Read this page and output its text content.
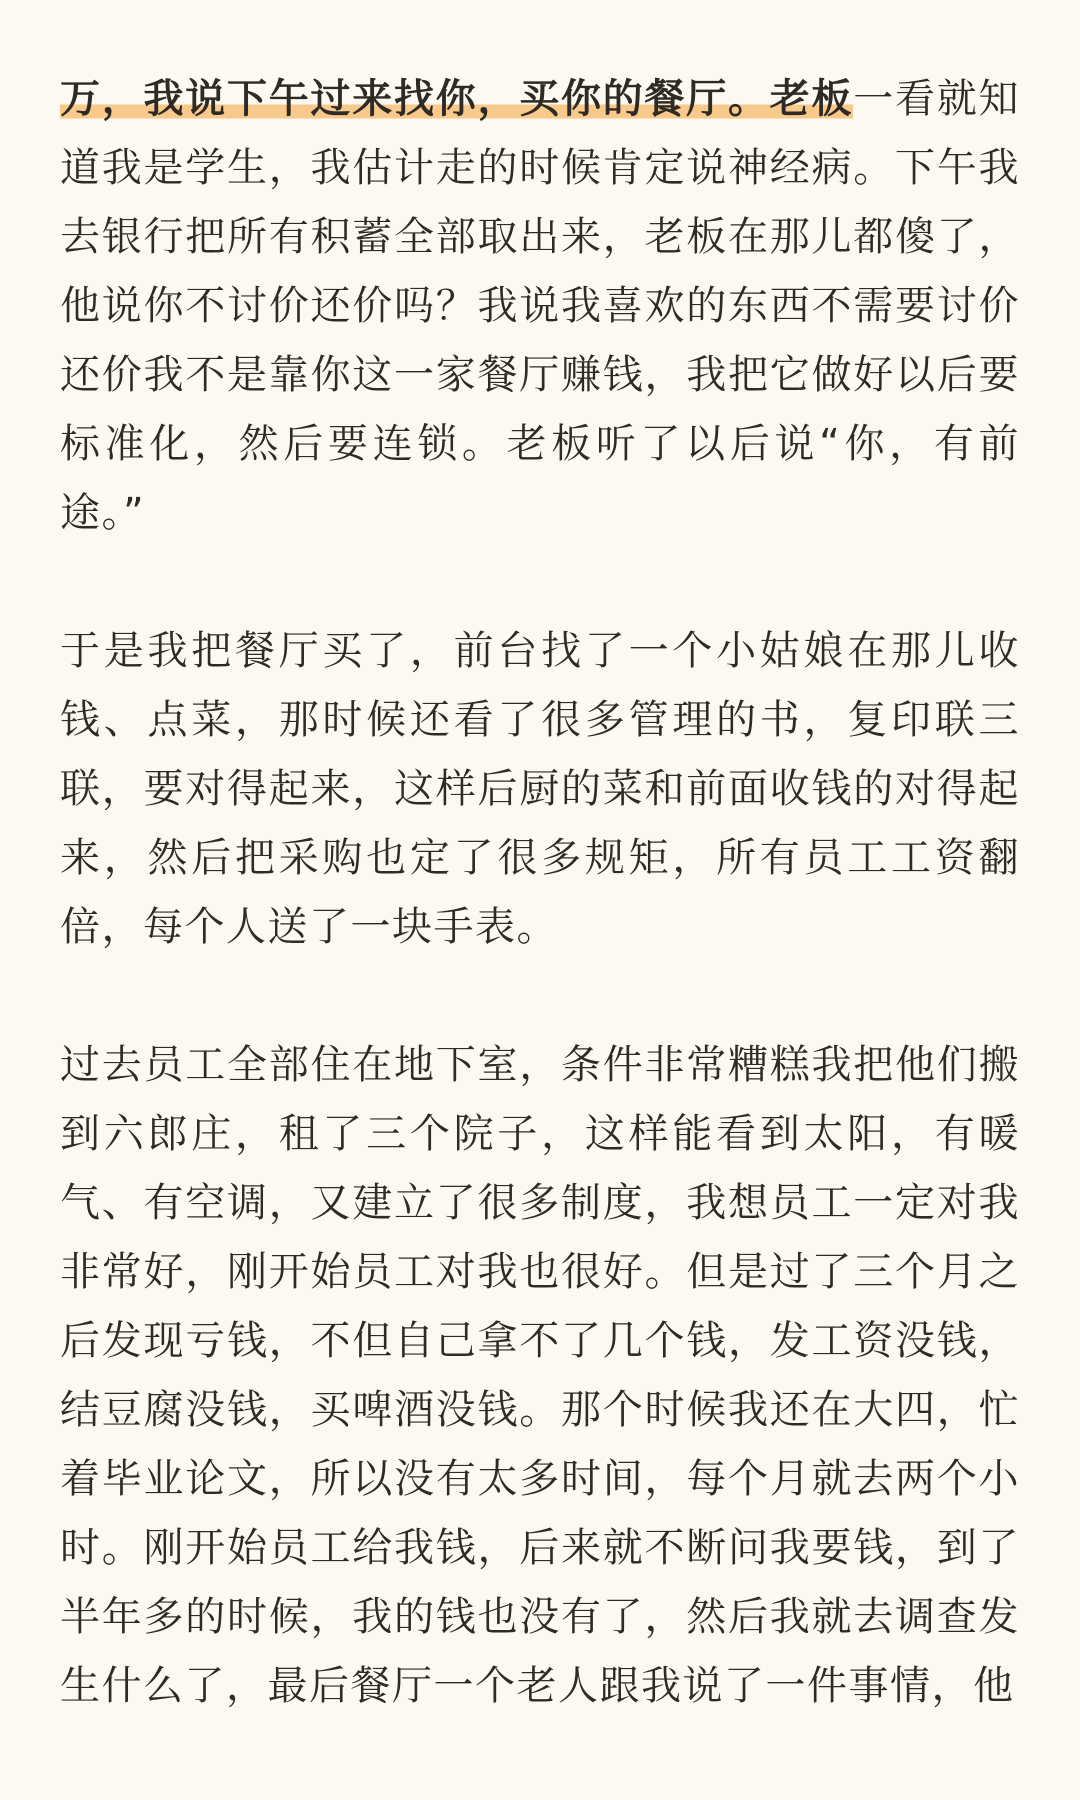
万，我说下午过来找你，买你的餐厅。老板一看就知道我是学生，我估计走的时候肯定说神经病。下午我去银行把所有积蓄全部取出来，老板在那儿都傻了，他说你不讨价还价吗？我说我喜欢的东西不需要讨价还价我不是靠你这一家餐厅赚钱，我把它做好以后要标准化，然后要连锁。老板听了以后说“你，有前途。”

于是我把餐厅买了，前台找了一个小姑娘在那儿收钱、点菜，那时候还看了很多管理的书，复印联三联，要对得起来，这样后厨的菜和前面收钱的对得起来，然后把采购也定了很多规矩，所有员工工资翻倍，每个人送了一块手表。

过去员工全部住在地下室，条件非常糟糕我把他们搬到六郎庄，租了三个院子，这样能看到太阳，有暖气、有空调，又建立了很多制度，我想员工一定对我非常好，刚开始员工对我也很好。但是过了三个月之后发现亏钱，不但自己拿不了几个钱，发工资没钱，结豆腐没钱，买啤酒没钱。那个时候我还在大四，忙着毕业论文，所以没有太多时间，每个月就去两个小时。刚开始员工给我钱，后来就不断问我要钱，到了半年多的时候，我的钱也没有了，然后我就去调查发生什么了，最后餐厅一个老人跟我说了一件事情，他
